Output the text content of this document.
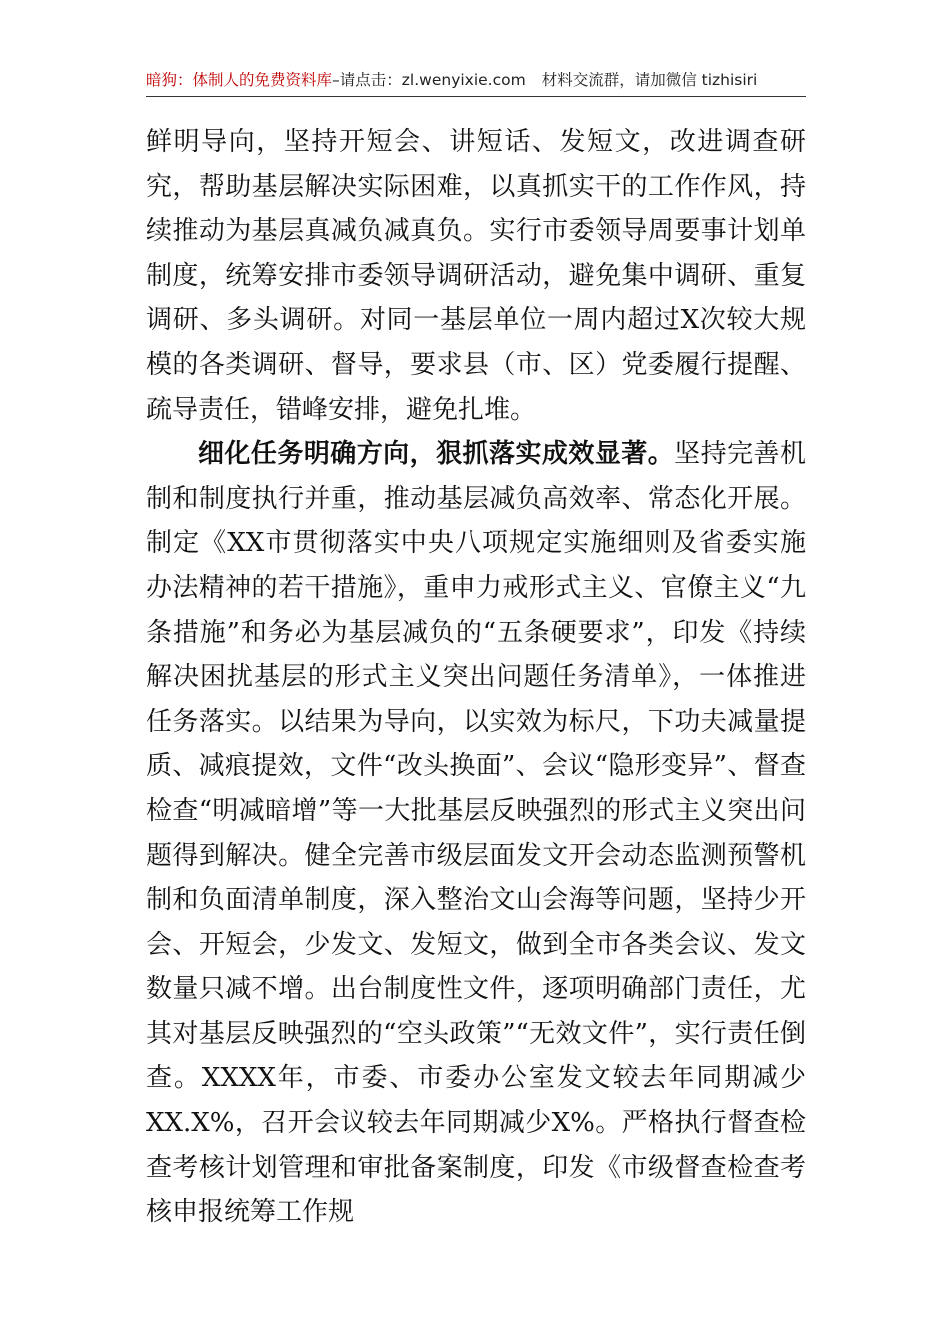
暗狗：体制人的免费资料库–请点击：zl.wenyixie.com 材料交流群，请加微信 tizhisiri

鲜明导向，坚持开短会、讲短话、发短文，改进调查研究，帮助基层解决实际困难，以真抓实干的工作作风，持续推动为基层真减负减真负。实行市委领导周要事计划单制度，统筹安排市委领导调研活动，避免集中调研、重复调研、多头调研。对同一基层单位一周内超过X次较大规模的各类调研、督导，要求县（市、区）党委履行提醒、疏导责任，错峰安排，避免扎堆。

细化任务明确方向，狠抓落实成效显著。坚持完善机制和制度执行并重，推动基层减负高效率、常态化开展。制定《XX市贯彻落实中央八项规定实施细则及省委实施办法精神的若干措施》，重申力戒形式主义、官僚主义“九条措施”和务必为基层减负的“五条硬要求”，印发《持续解决困扰基层的形式主义突出问题任务清单》，一体推进任务落实。以结果为导向，以实效为标尺，下功夫减量提质、减痕提效，文件“改头换面”、会议“隐形变异”、督查检查“明减暗增”等一大批基层反映强烈的形式主义突出问题得到解决。健全完善市级层面发文开会动态监测预警机制和负面清单制度，深入整治文山会海等问题，坚持少开会、开短会，少发文、发短文，做到全市各类会议、发文数量只减不增。出台制度性文件，逐项明确部门责任，尤其对基层反映强烈的“空头政策”“无效文件”，实行责任倒查。XXXX年，市委、市委办公室发文较去年同期减少XX.X%，召开会议较去年同期减少X%。严格执行督查检查考核计划管理和审批备案制度，印发《市级督查检查考核申报统筹工作规
